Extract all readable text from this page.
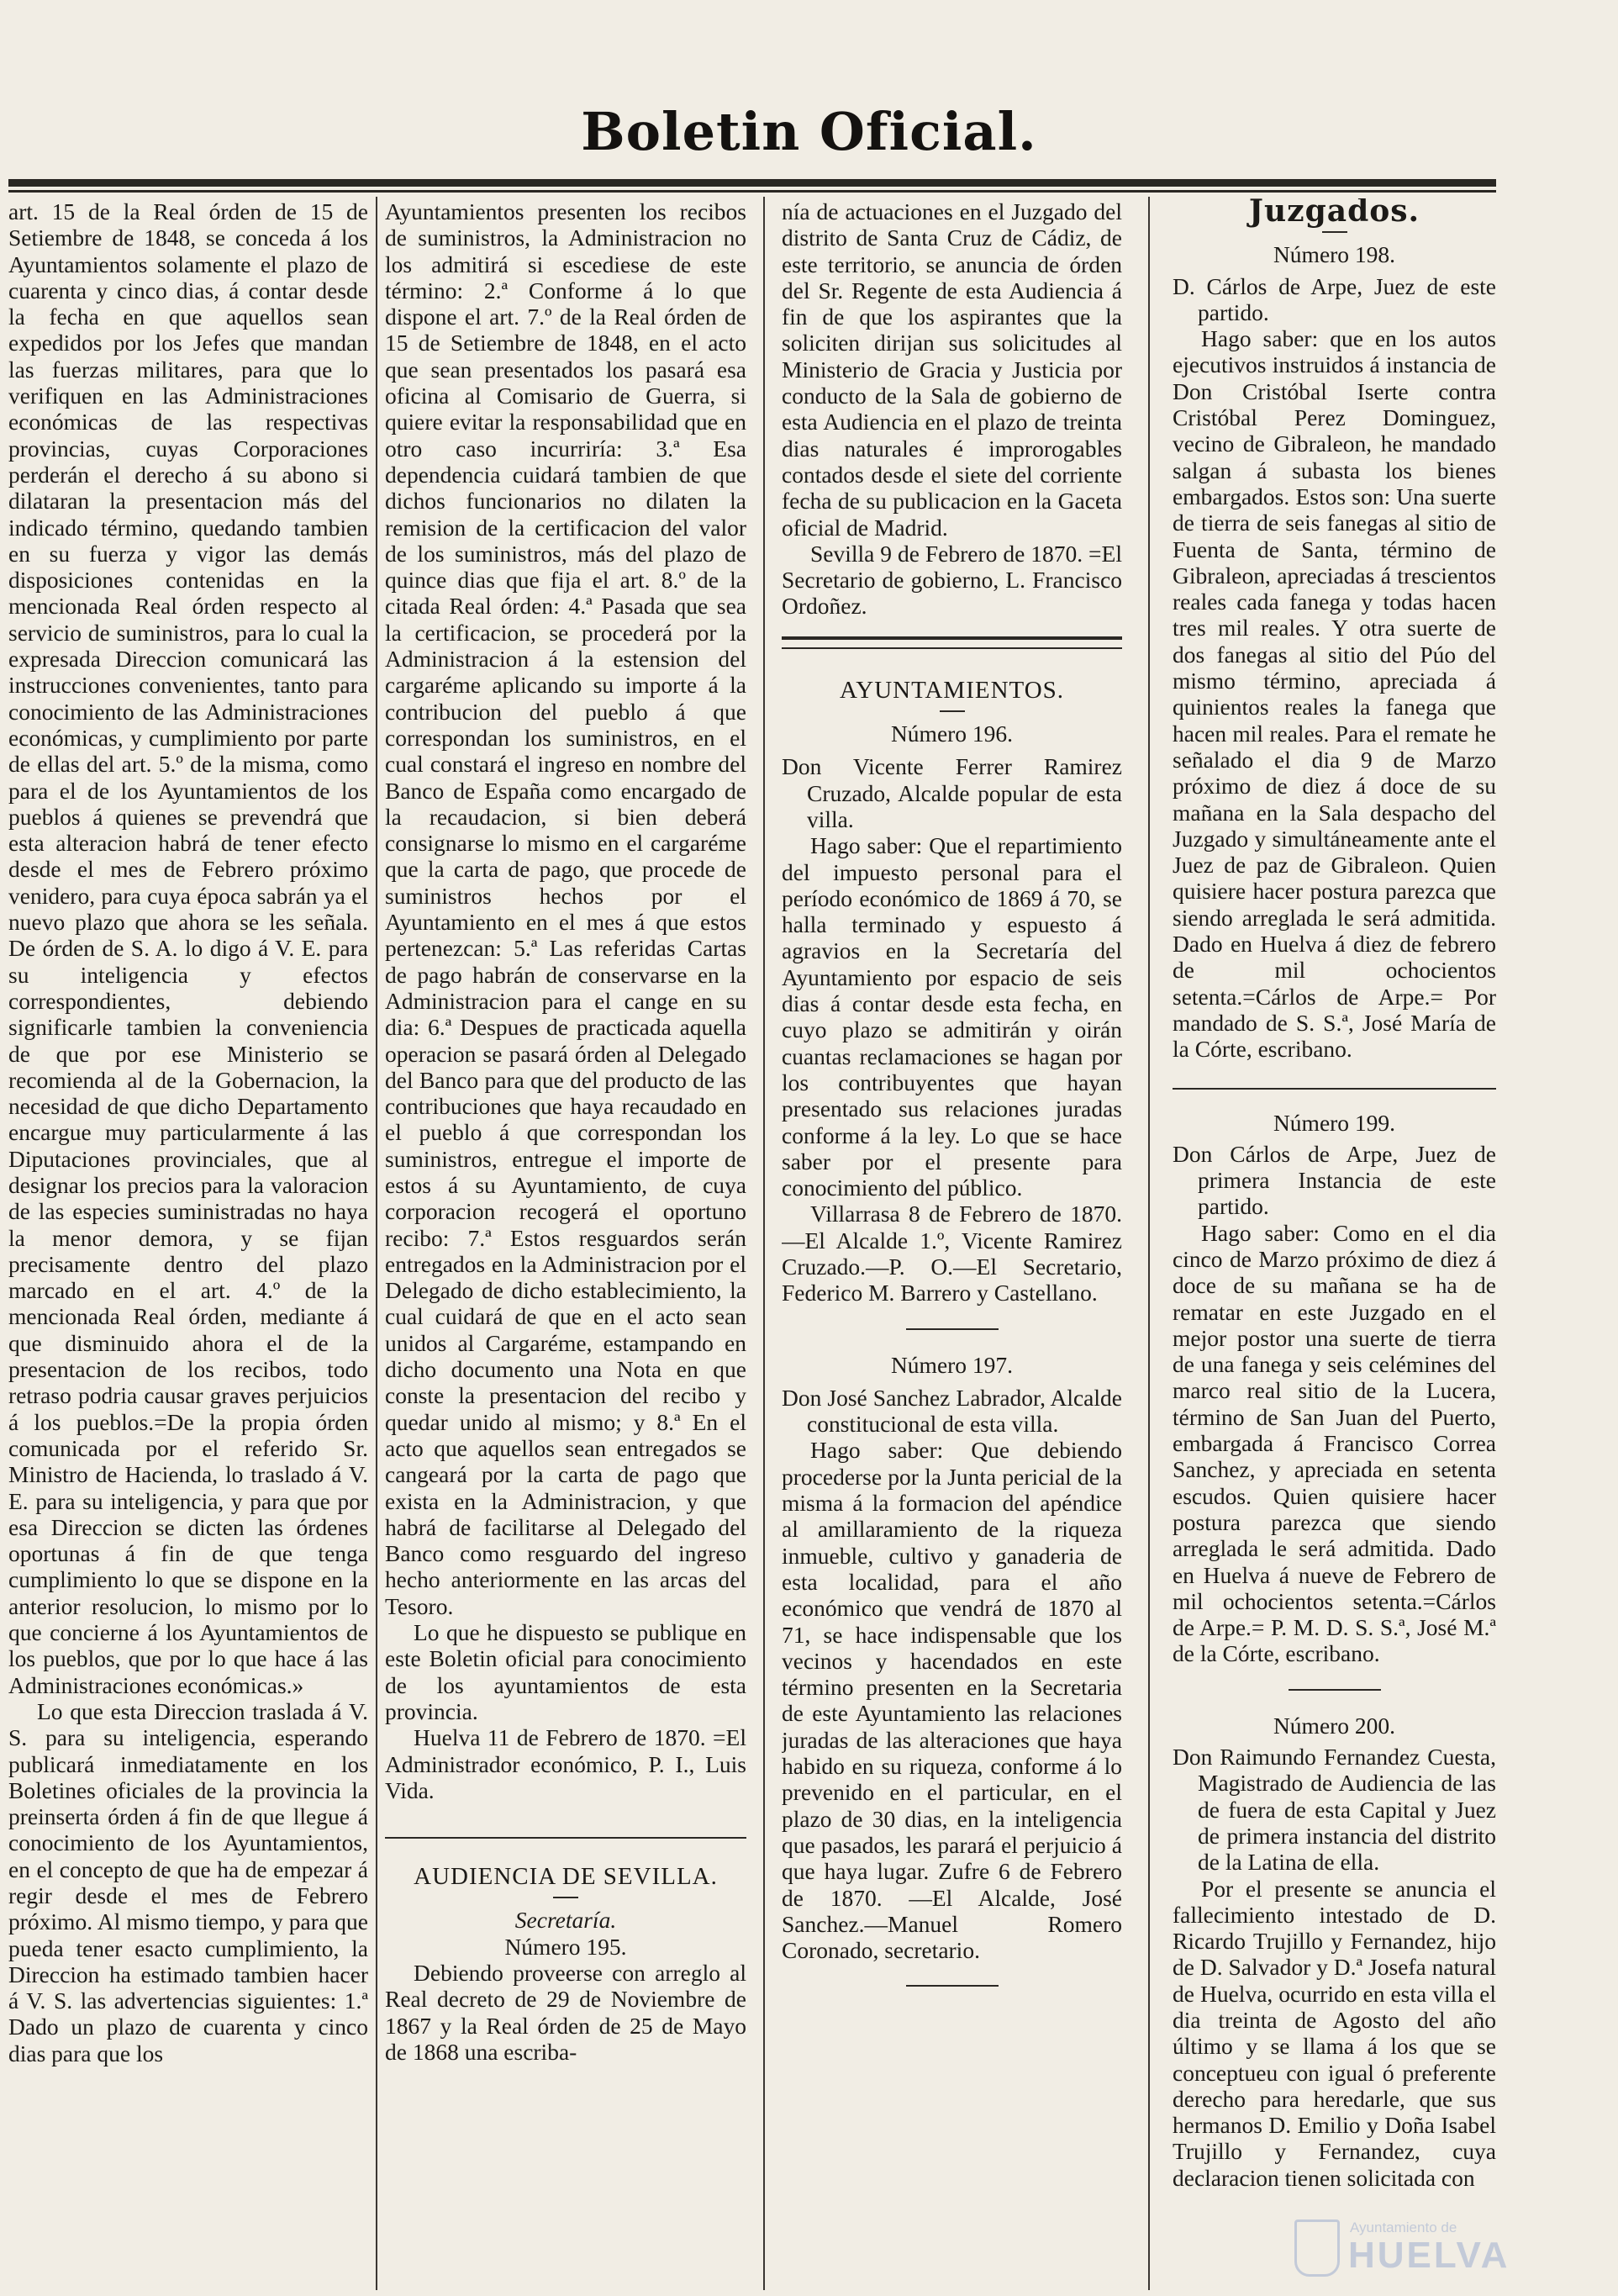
Boletin Oficial.

art. 15 de la Real órden de 15 de Setiembre de 1848, se conceda á los Ayuntamientos solamente el plazo de cuarenta y cinco dias, á contar desde la fecha en que aquellos sean expedidos por los Jefes que mandan las fuerzas militares, para que lo verifiquen en las Administraciones económicas de las respectivas provincias, cuyas Corporaciones perderán el derecho á su abono si dilataran la presentacion más del indicado término, quedando tambien en su fuerza y vigor las demás disposiciones contenidas en la mencionada Real órden respecto al servicio de suministros, para lo cual la expresada Direccion comunicará las instrucciones convenientes, tanto para conocimiento de las Administraciones económicas, y cumplimiento por parte de ellas del art. 5.º de la misma, como para el de los Ayuntamientos de los pueblos á quienes se prevendrá que esta alteracion habrá de tener efecto desde el mes de Febrero próximo venidero, para cuya época sabrán ya el nuevo plazo que ahora se les señala. De órden de S. A. lo digo á V. E. para su inteligencia y efectos correspondientes, debiendo significarle tambien la conveniencia de que por ese Ministerio se recomienda al de la Gobernacion, la necesidad de que dicho Departamento encargue muy particularmente á las Diputaciones provinciales, que al designar los precios para la valoracion de las especies suministradas no haya la menor demora, y se fijan precisamente dentro del plazo marcado en el art. 4.º de la mencionada Real órden, mediante á que disminuido ahora el de la presentacion de los recibos, todo retraso podria causar graves perjuicios á los pueblos.=De la propia órden comunicada por el referido Sr. Ministro de Hacienda, lo traslado á V. E. para su inteligencia, y para que por esa Direccion se dicten las órdenes oportunas á fin de que tenga cumplimiento lo que se dispone en la anterior resolucion, lo mismo por lo que concierne á los Ayuntamientos de los pueblos, que por lo que hace á las Administraciones económicas.»

Lo que esta Direccion traslada á V. S. para su inteligencia, esperando publicará inmediatamente en los Boletines oficiales de la provincia la preinserta órden á fin de que llegue á conocimiento de los Ayuntamientos, en el concepto de que ha de empezar á regir desde el mes de Febrero próximo. Al mismo tiempo, y para que pueda tener esacto cumplimiento, la Direccion ha estimado tambien hacer á V. S. las advertencias siguientes: 1.ª Dado un plazo de cuarenta y cinco dias para que los

Ayuntamientos presenten los recibos de suministros, la Administracion no los admitirá si escediese de este término: 2.ª Conforme á lo que dispone el art. 7.º de la Real órden de 15 de Setiembre de 1848, en el acto que sean presentados los pasará esa oficina al Comisario de Guerra, si quiere evitar la responsabilidad que en otro caso incurriría: 3.ª Esa dependencia cuidará tambien de que dichos funcionarios no dilaten la remision de la certificacion del valor de los suministros, más del plazo de quince dias que fija el art. 8.º de la citada Real órden: 4.ª Pasada que sea la certificacion, se procederá por la Administracion á la estension del cargaréme aplicando su importe á la contribucion del pueblo á que correspondan los suministros, en el cual constará el ingreso en nombre del Banco de España como encargado de la recaudacion, si bien deberá consignarse lo mismo en el cargaréme que la carta de pago, que procede de suministros hechos por el Ayuntamiento en el mes á que estos pertenezcan: 5.ª Las referidas Cartas de pago habrán de conservarse en la Administracion para el cange en su dia: 6.ª Despues de practicada aquella operacion se pasará órden al Delegado del Banco para que del producto de las contribuciones que haya recaudado en el pueblo á que correspondan los suministros, entregue el importe de estos á su Ayuntamiento, de cuya corporacion recogerá el oportuno recibo: 7.ª Estos resguardos serán entregados en la Administracion por el Delegado de dicho establecimiento, la cual cuidará de que en el acto sean unidos al Cargaréme, estampando en dicho documento una Nota en que conste la presentacion del recibo y quedar unido al mismo; y 8.ª En el acto que aquellos sean entregados se cangeará por la carta de pago que exista en la Administracion, y que habrá de facilitarse al Delegado del Banco como resguardo del ingreso hecho anteriormente en las arcas del Tesoro.

Lo que he dispuesto se publique en este Boletin oficial para conocimiento de los ayuntamientos de esta provincia.

Huelva 11 de Febrero de 1870. =El Administrador económico, P. I., Luis Vida.

AUDIENCIA DE SEVILLA.

Secretaría.

Número 195.

Debiendo proveerse con arreglo al Real decreto de 29 de Noviembre de 1867 y la Real órden de 25 de Mayo de 1868 una escriba-

nía de actuaciones en el Juzgado del distrito de Santa Cruz de Cádiz, de este territorio, se anuncia de órden del Sr. Regente de esta Audiencia á fin de que los aspirantes que la soliciten dirijan sus solicitudes al Ministerio de Gracia y Justicia por conducto de la Sala de gobierno de esta Audiencia en el plazo de treinta dias naturales é improrogables contados desde el siete del corriente fecha de su publicacion en la Gaceta oficial de Madrid.

Sevilla 9 de Febrero de 1870. =El Secretario de gobierno, L. Francisco Ordoñez.

AYUNTAMIENTOS.

Número 196.

Don Vicente Ferrer Ramirez Cruzado, Alcalde popular de esta villa.

Hago saber: Que el repartimiento del impuesto personal para el período económico de 1869 á 70, se halla terminado y espuesto á agravios en la Secretaría del Ayuntamiento por espacio de seis dias á contar desde esta fecha, en cuyo plazo se admitirán y oirán cuantas reclamaciones se hagan por los contribuyentes que hayan presentado sus relaciones juradas conforme á la ley. Lo que se hace saber por el presente para conocimiento del público.

Villarrasa 8 de Febrero de 1870. —El Alcalde 1.º, Vicente Ramirez Cruzado.—P. O.—El Secretario, Federico M. Barrero y Castellano.

Número 197.

Don José Sanchez Labrador, Alcalde constitucional de esta villa.

Hago saber: Que debiendo procederse por la Junta pericial de la misma á la formacion del apéndice al amillaramiento de la riqueza inmueble, cultivo y ganaderia de esta localidad, para el año económico que vendrá de 1870 al 71, se hace indispensable que los vecinos y hacendados en este término presenten en la Secretaria de este Ayuntamiento las relaciones juradas de las alteraciones que haya habido en su riqueza, conforme á lo prevenido en el particular, en el plazo de 30 dias, en la inteligencia que pasados, les parará el perjuicio á que haya lugar. Zufre 6 de Febrero de 1870. —El Alcalde, José Sanchez.—Manuel Romero Coronado, secretario.

Juzgados.

Número 198.

D. Cárlos de Arpe, Juez de este partido.

Hago saber: que en los autos ejecutivos instruidos á instancia de Don Cristóbal Iserte contra Cristóbal Perez Dominguez, vecino de Gibraleon, he mandado salgan á subasta los bienes embargados. Estos son: Una suerte de tierra de seis fanegas al sitio de Fuenta de Santa, término de Gibraleon, apreciadas á trescientos reales cada fanega y todas hacen tres mil reales. Y otra suerte de dos fanegas al sitio del Púo del mismo término, apreciada á quinientos reales la fanega que hacen mil reales. Para el remate he señalado el dia 9 de Marzo próximo de diez á doce de su mañana en la Sala despacho del Juzgado y simultáneamente ante el Juez de paz de Gibraleon. Quien quisiere hacer postura parezca que siendo arreglada le será admitida. Dado en Huelva á diez de febrero de mil ochocientos setenta.=Cárlos de Arpe.= Por mandado de S. S.ª, José María de la Córte, escribano.

Número 199.

Don Cárlos de Arpe, Juez de primera Instancia de este partido.

Hago saber: Como en el dia cinco de Marzo próximo de diez á doce de su mañana se ha de rematar en este Juzgado en el mejor postor una suerte de tierra de una fanega y seis celémines del marco real sitio de la Lucera, término de San Juan del Puerto, embargada á Francisco Correa Sanchez, y apreciada en setenta escudos. Quien quisiere hacer postura parezca que siendo arreglada le será admitida. Dado en Huelva á nueve de Febrero de mil ochocientos setenta.=Cárlos de Arpe.= P. M. D. S. S.ª, José M.ª de la Córte, escribano.

Número 200.

Don Raimundo Fernandez Cuesta, Magistrado de Audiencia de las de fuera de esta Capital y Juez de primera instancia del distrito de la Latina de ella.

Por el presente se anuncia el fallecimiento intestado de D. Ricardo Trujillo y Fernandez, hijo de D. Salvador y D.ª Josefa natural de Huelva, ocurrido en esta villa el dia treinta de Agosto del año último y se llama á los que se conceptueu con igual ó preferente derecho para heredarle, que sus hermanos D. Emilio y Doña Isabel Trujillo y Fernandez, cuya declaracion tienen solicitada con

Ayuntamiento de
HUELVA
